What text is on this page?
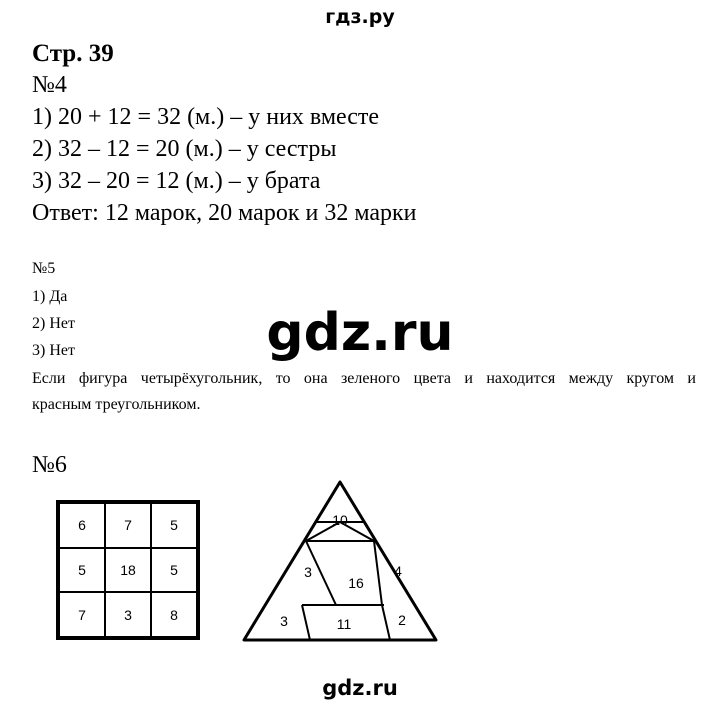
гдз.ру
Стр. 39
№4
1) 20 + 12 = 32 (м.) – у них вместе
2) 32 – 12 = 20 (м.) – у сестры
3) 32 – 20 = 12 (м.) – у брата
Ответ: 12 марок, 20 марок и 32 марки
№5
1) Да
2) Нет
3) Нет
Если фигура четырёхугольник, то она зеленого цвета и находится между кругом и
красным треугольником.
gdz.ru
№6
6	7	5
5	18	5
7	3	8
10
3
16
4
3	11	2
gdz.ru
